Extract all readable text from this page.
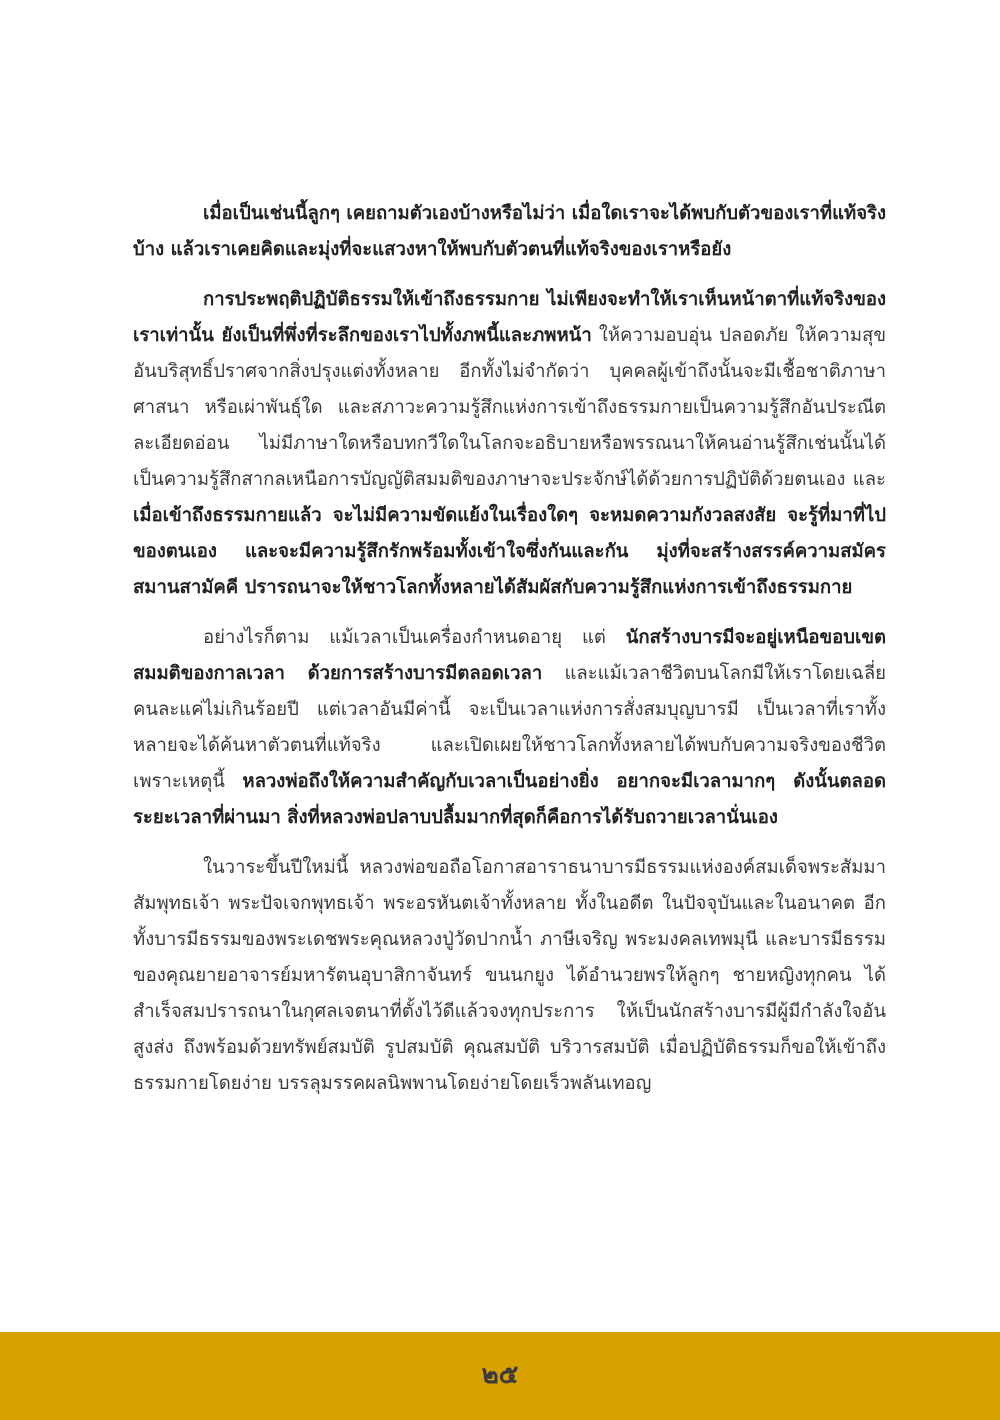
เมื่อเป็นเช่นนี้ลูกๆ เคยถามตัวเองบ้างหรือไม่ว่า เมื่อใดเราจะได้พบกับตัวของเราที่แท้จริงบ้าง แล้วเราเคยคิดและมุ่งที่จะแสวงหาให้พบกับตัวตนที่แท้จริงของเราหรือยัง

การประพฤติปฏิบัติธรรมให้เข้าถึงธรรมกาย ไม่เพียงจะทำให้เราเห็นหน้าตาที่แท้จริงของเราเท่านั้น ยังเป็นที่พึ่งที่ระลึกของเราไปทั้งภพนี้และภพหน้า ให้ความอบอุ่น ปลอดภัย ให้ความสุขอันบริสุทธิ์ปราศจากสิ่งปรุงแต่งทั้งหลาย อีกทั้งไม่จำกัดว่า บุคคลผู้เข้าถึงนั้นจะมีเชื้อชาติภาษา ศาสนา หรือเผ่าพันธุ์ใด และสภาวะความรู้สึกแห่งการเข้าถึงธรรมกายเป็นความรู้สึกอันประณีตละเอียดอ่อน ไม่มีภาษาใดหรือบทกวีใดในโลกจะอธิบายหรือพรรณนาให้คนอ่านรู้สึกเช่นนั้นได้ เป็นความรู้สึกสากลเหนือการบัญญัติสมมติของภาษาจะประจักษ์ได้ด้วยการปฏิบัติด้วยตนเอง และ เมื่อเข้าถึงธรรมกายแล้ว จะไม่มีความขัดแย้งในเรื่องใดๆ จะหมดความกังวลสงสัย จะรู้ที่มาที่ไปของตนเอง และจะมีความรู้สึกรักพร้อมทั้งเข้าใจซึ่งกันและกัน มุ่งที่จะสร้างสรรค์ความสมัครสมานสามัคคี ปรารถนาจะให้ชาวโลกทั้งหลายได้สัมผัสกับความรู้สึกแห่งการเข้าถึงธรรมกาย

อย่างไรก็ตาม แม้เวลาเป็นเครื่องกำหนดอายุ แต่ นักสร้างบารมีจะอยู่เหนือขอบเขตสมมติของกาลเวลา ด้วยการสร้างบารมีตลอดเวลา และแม้เวลาชีวิตบนโลกมีให้เราโดยเฉลี่ยคนละแค่ไม่เกินร้อยปี แต่เวลาอันมีค่านี้ จะเป็นเวลาแห่งการสั่งสมบุญบารมี เป็นเวลาที่เราทั้งหลายจะได้ค้นหาตัวตนที่แท้จริง และเปิดเผยให้ชาวโลกทั้งหลายได้พบกับความจริงของชีวิต เพราะเหตุนี้ หลวงพ่อถึงให้ความสำคัญกับเวลาเป็นอย่างยิ่ง อยากจะมีเวลามากๆ ดังนั้นตลอดระยะเวลาที่ผ่านมา สิ่งที่หลวงพ่อปลาบปลื้มมากที่สุดก็คือการได้รับถวายเวลานั่นเอง

ในวาระขึ้นปีใหม่นี้ หลวงพ่อขอถือโอกาสอาราธนาบารมีธรรมแห่งองค์สมเด็จพระสัมมาสัมพุทธเจ้า พระปัจเจกพุทธเจ้า พระอรหันตเจ้าทั้งหลาย ทั้งในอดีต ในปัจจุบันและในอนาคต อีกทั้งบารมีธรรมของพระเดชพระคุณหลวงปู่วัดปากน้ำ ภาษีเจริญ พระมงคลเทพมุนี และบารมีธรรมของคุณยายอาจารย์มหารัตนอุบาสิกาจันทร์ ขนนกยูง ได้อำนวยพรให้ลูกๆ ชายหญิงทุกคน ได้สำเร็จสมปรารถนาในกุศลเจตนาที่ตั้งไว้ดีแล้วจงทุกประการ ให้เป็นนักสร้างบารมีผู้มีกำลังใจอันสูงส่ง ถึงพร้อมด้วยทรัพย์สมบัติ รูปสมบัติ คุณสมบัติ บริวารสมบัติ เมื่อปฏิบัติธรรมก็ขอให้เข้าถึงธรรมกายโดยง่าย บรรลุมรรคผลนิพพานโดยง่ายโดยเร็วพลันเทอญ

๒๕
